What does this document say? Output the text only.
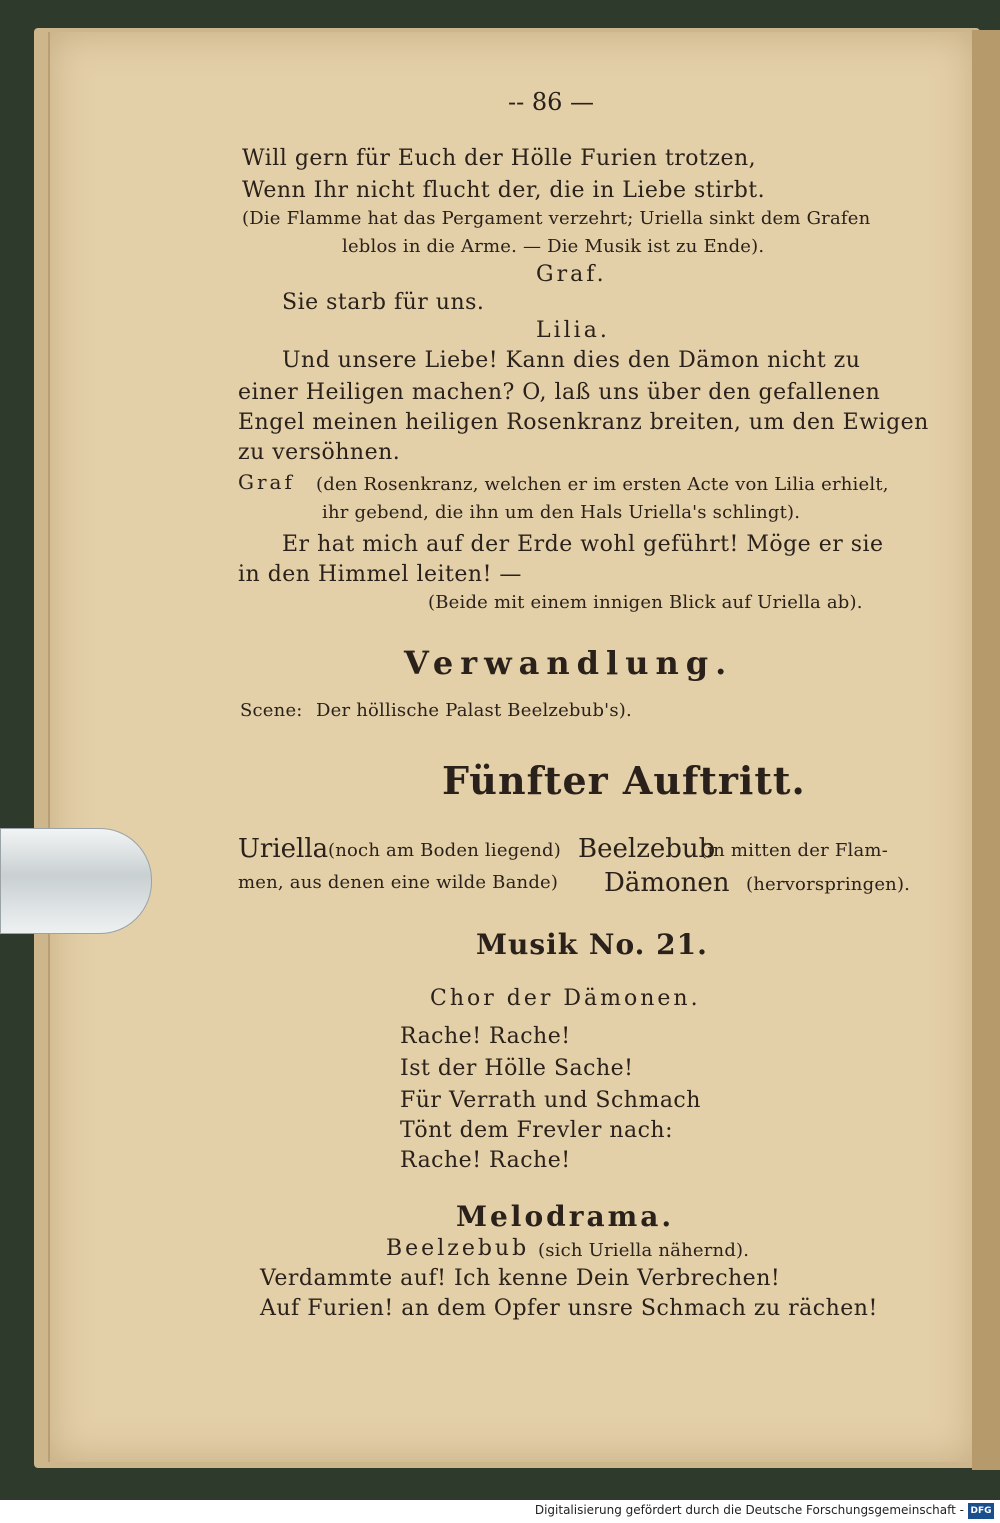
-- 86 —
Will gern für Euch der Hölle Furien trotzen,
Wenn Ihr nicht flucht der, die in Liebe stirbt.
(Die Flamme hat das Pergament verzehrt; Uriella sinkt dem Grafen
leblos in die Arme. — Die Musik ist zu Ende).
Graf.
Sie starb für uns.
Lilia.
Und unsere Liebe! Kann dies den Dämon nicht zu
einer Heiligen machen? O, laß uns über den gefallenen
Engel meinen heiligen Rosenkranz breiten, um den Ewigen
zu versöhnen.
Graf (den Rosenkranz, welchen er im ersten Acte von Lilia erhielt,
ihr gebend, die ihn um den Hals Uriella's schlingt).
Er hat mich auf der Erde wohl geführt! Möge er sie
in den Himmel leiten! —
(Beide mit einem innigen Blick auf Uriella ab).
Verwandlung.
Scene: Der höllische Palast Beelzebub's).
Fünfter Auftritt.
Uriella (noch am Boden liegend) Beelzebub
(in mitten der Flam-
men, aus denen eine wilde Bande) Dämonen (hervorspringen).
Musik No. 21.
Chor der Dämonen.
Rache! Rache!
Ist der Hölle Sache!
Für Verrath und Schmach
Tönt dem Frevler nach:
Rache! Rache!
Melodrama.
Beelzebub (sich Uriella nähernd).
Verdammte auf! Ich kenne Dein Verbrechen!
Auf Furien! an dem Opfer unsre Schmach zu rächen!
Digitalisierung gefördert durch die Deutsche Forschungsgemeinschaft - DFG
